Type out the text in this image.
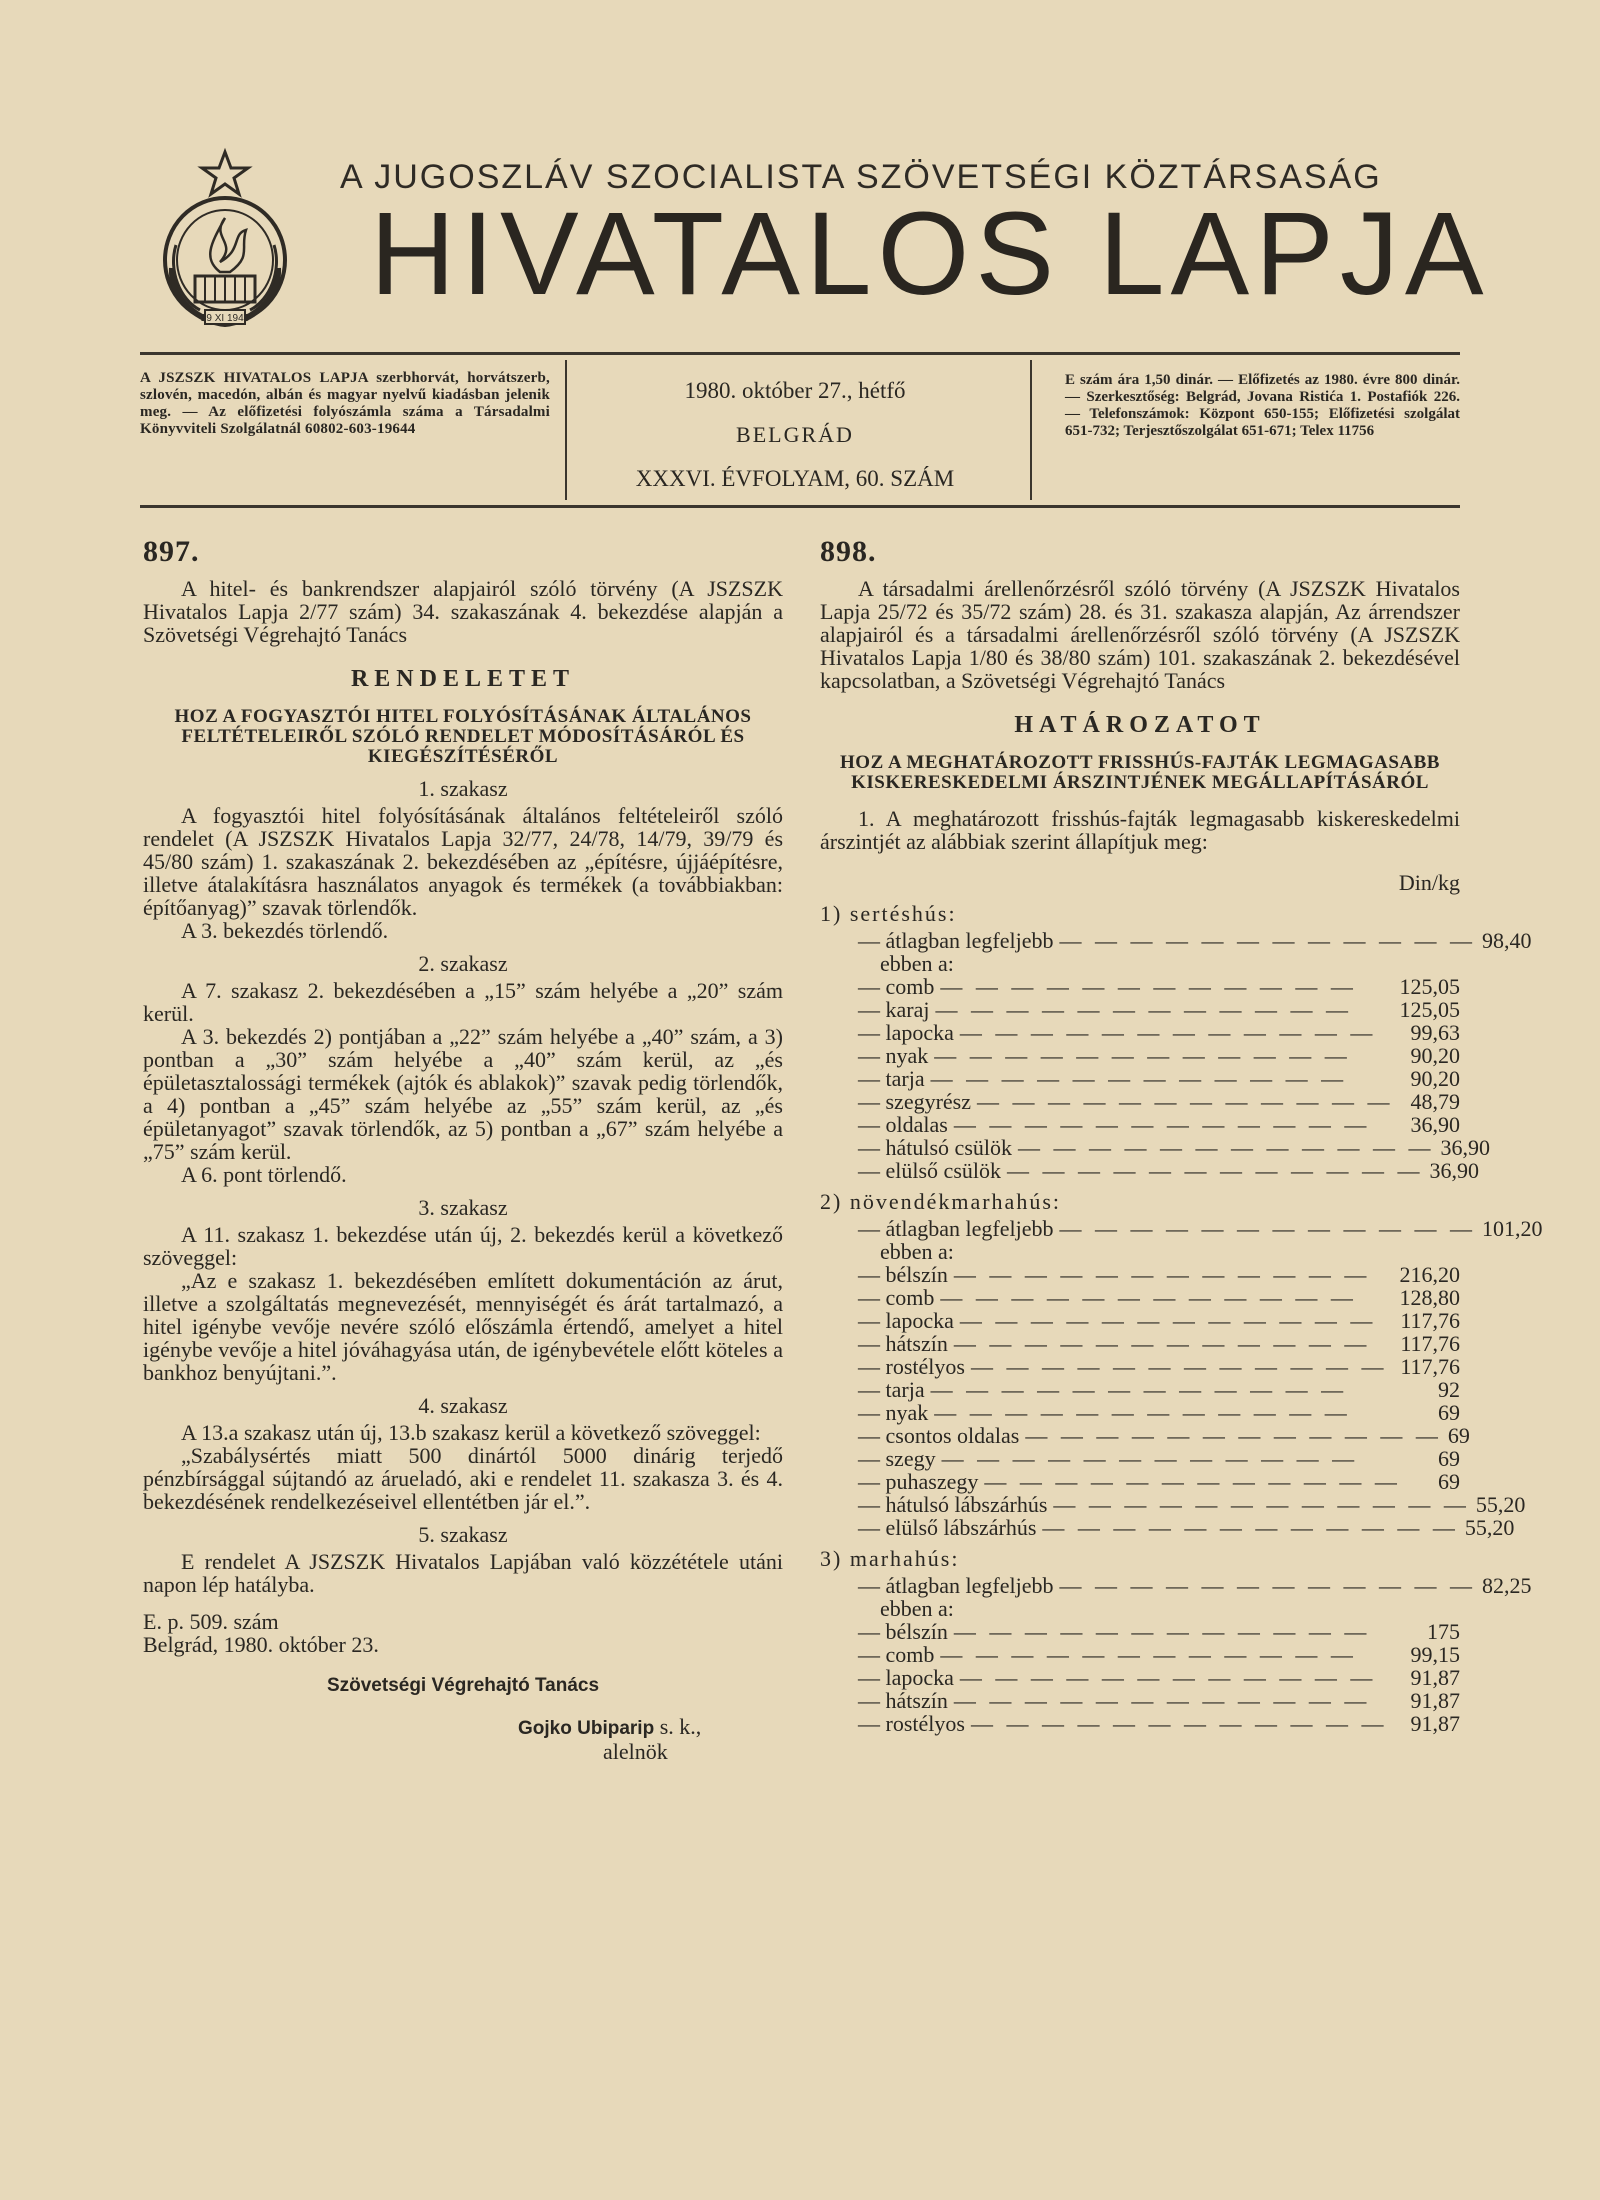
29 XI 1943
A JUGOSZLÁV SZOCIALISTA SZÖVETSÉGI KÖZTÁRSASÁG
HIVATALOS LAPJA
A JSZSZK HIVATALOS LAPJA szerbhorvát, horvátszerb, szlovén, macedón, albán és magyar nyelvű kiadásban jelenik meg. — Az előfizetési folyószámla száma a Társadalmi Könyvviteli Szolgálatnál 60802-603-19644
1980. október 27., hétfő
BELGRÁD
XXXVI. ÉVFOLYAM, 60. SZÁM
E szám ára 1,50 dinár. — Előfizetés az 1980. évre 800 dinár. — Szerkesztőség: Belgrád, Jovana Ristića 1. Postafiók 226. — Telefonszámok: Központ 650-155; Előfizetési szolgálat 651-732; Terjesztőszolgálat 651-671; Telex 11756
897.

A hitel- és bankrendszer alapjairól szóló törvény (A JSZSZK Hivatalos Lapja 2/77 szám) 34. szakaszának 4. bekezdése alapján a Szövetségi Végrehajtó Tanács

RENDELETET
HOZ A FOGYASZTÓI HITEL FOLYÓSÍTÁSÁNAK ÁLTALÁNOS FELTÉTELEIRŐL SZÓLÓ RENDELET MÓDOSÍTÁSÁRÓL ÉS KIEGÉSZÍTÉSÉRŐL
1. szakasz

A fogyasztói hitel folyósításának általános feltételeiről szóló rendelet (A JSZSZK Hivatalos Lapja 32/77, 24/78, 14/79, 39/79 és 45/80 szám) 1. szakaszának 2. bekezdésében az „építésre, újjáépítésre, illetve átalakításra használatos anyagok és termékek (a továbbiakban: építőanyag)” szavak törlendők.

A 3. bekezdés törlendő.

2. szakasz

A 7. szakasz 2. bekezdésében a „15” szám helyébe a „20” szám kerül.

A 3. bekezdés 2) pontjában a „22” szám helyébe a „40” szám, a 3) pontban a „30” szám helyébe a „40” szám kerül, az „és épületasztalossági termékek (ajtók és ablakok)” szavak pedig törlendők, a 4) pontban a „45” szám helyébe az „55” szám kerül, az „és épületanyagot” szavak törlendők, az 5) pontban a „67” szám helyébe a „75” szám kerül.

A 6. pont törlendő.

3. szakasz

A 11. szakasz 1. bekezdése után új, 2. bekezdés kerül a következő szöveggel:

„Az e szakasz 1. bekezdésében említett dokumentáción az árut, illetve a szolgáltatás megnevezését, mennyiségét és árát tartalmazó, a hitel igénybe vevője nevére szóló előszámla értendő, amelyet a hitel igénybe vevője a hitel jóváhagyása után, de igénybevétele előtt köteles a bankhoz benyújtani.”.

4. szakasz

A 13.a szakasz után új, 13.b szakasz kerül a következő szöveggel:

„Szabálysértés miatt 500 dinártól 5000 dinárig terjedő pénzbírsággal sújtandó az árueladó, aki e rendelet 11. szakasza 3. és 4. bekezdésének rendelkezéseivel ellentétben jár el.”.

5. szakasz

E rendelet A JSZSZK Hivatalos Lapjában való közzététele utáni napon lép hatályba.

E. p. 509. szám
Belgrád, 1980. október 23.
Szövetségi Végrehajtó Tanács
Gojko Ubiparip s. k.,
alelnök
898.

A társadalmi árellenőrzésről szóló törvény (A JSZSZK Hivatalos Lapja 25/72 és 35/72 szám) 28. és 31. szakasza alapján, Az árrendszer alapjairól és a társadalmi árellenőrzésről szóló törvény (A JSZSZK Hivatalos Lapja 1/80 és 38/80 szám) 101. szakaszának 2. bekezdésével kapcsolatban, a Szövetségi Végrehajtó Tanács

HATÁROZATOT
HOZ A MEGHATÁROZOTT FRISSHÚS-FAJTÁK LEGMAGASABB KISKERESKEDELMI ÁRSZINTJÉNEK MEGÁLLAPÍTÁSÁRÓL

1. A meghatározott frisshús-fajták legmagasabb kiskereskedelmi árszintjét az alábbiak szerint állapítjuk meg:

Din/kg
1) sertéshús:
— átlagban legfeljebb — — — — — — — — — — — — 98,40
ebben a:
— comb — — — — — — — — — — — —	125,05
— karaj — — — — — — — — — — — —	125,05
— lapocka — — — — — — — — — — — —	99,63
— nyak — — — — — — — — — — — —	90,20
— tarja — — — — — — — — — — — —	90,20
— szegyrész — — — — — — — — — — — — 48,79
— oldalas — — — — — — — — — — — —	36,90
— hátulsó csülök — — — — — — — — — — — — 36,90
— elülső csülök — — — — — — — — — — — — 36,90
2) növendékmarhahús:
— átlagban legfeljebb — — — — — — — — — — — — 101,20
ebben a:
— bélszín — — — — — — — — — — — —	216,20
— comb — — — — — — — — — — — —	128,80
— lapocka — — — — — — — — — — — —	117,76
— hátszín — — — — — — — — — — — —	117,76
— rostélyos — — — — — — — — — — — — 117,76
— tarja — — — — — — — — — — — —	92
— nyak — — — — — — — — — — — —	69
— csontos oldalas — — — — — — — — — — — — 69
— szegy — — — — — — — — — — — —	69
— puhaszegy — — — — — — — — — — — —	69
— hátulsó lábszárhús — — — — — — — — — — — — 55,20
— elülső lábszárhús — — — — — — — — — — — — 55,20
3) marhahús:
— átlagban legfeljebb — — — — — — — — — — — — 82,25
ebben a:
— bélszín — — — — — — — — — — — —	175
— comb — — — — — — — — — — — —	99,15
— lapocka — — — — — — — — — — — —	91,87
— hátszín — — — — — — — — — — — —	91,87
— rostélyos — — — — — — — — — — — —	91,87
